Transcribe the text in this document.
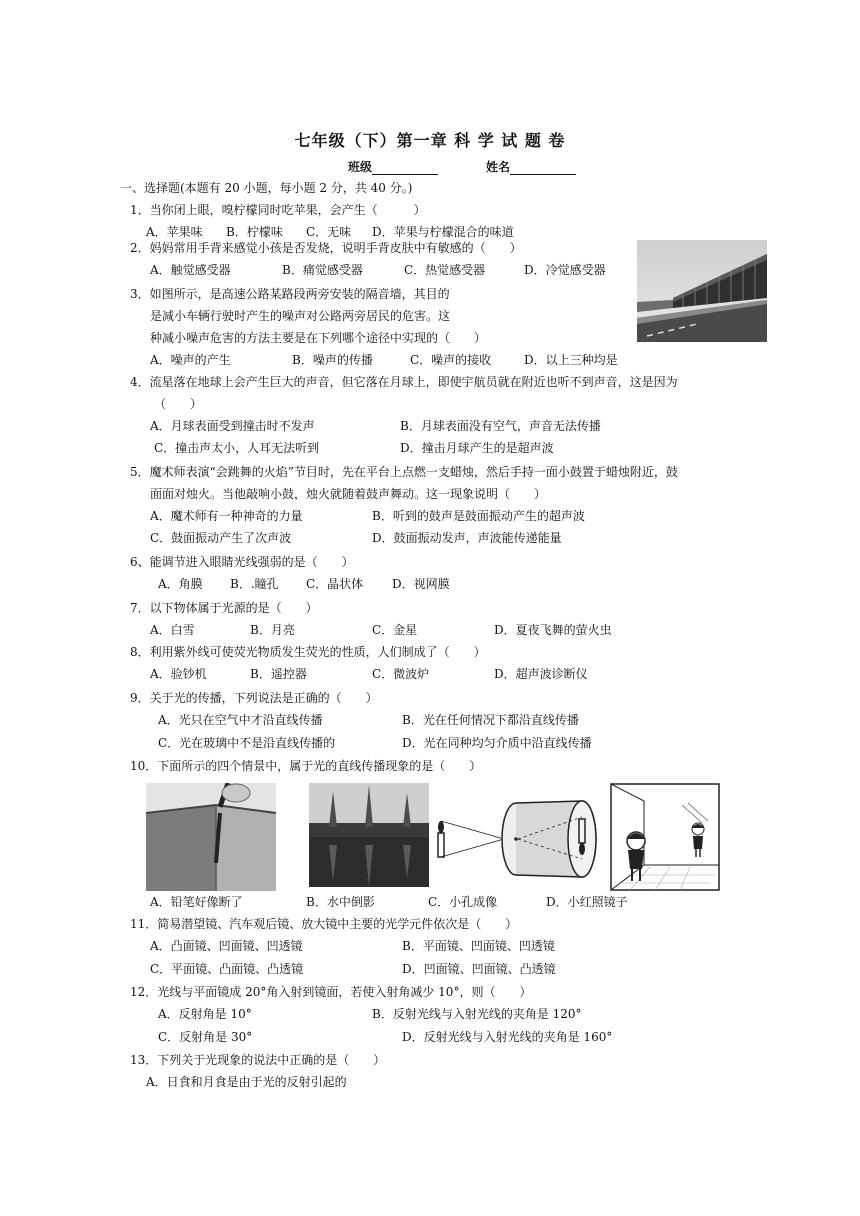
七年级（下）第一章 科 学 试 题 卷
班级	姓名
一、选择题(本题有 20 小题，每小题 2 分，共 40 分。)
1．当你闭上眼，嗅柠檬同时吃苹果，会产生（　　　）
A．苹果味 B．柠檬味 C．无味 D．苹果与柠檬混合的味道
2．妈妈常用手背来感觉小孩是否发烧，说明手背皮肤中有敏感的（　　）
A．触觉感受器	B．痛觉感受器	C．热觉感受器	D．冷觉感受器
3．如图所示，是高速公路某路段两旁安装的隔音墙，其目的
是减小车辆行驶时产生的噪声对公路两旁居民的危害。这
种减小噪声危害的方法主要是在下列哪个途径中实现的（　　）
A．噪声的产生	B．噪声的传播	C．噪声的接收	D．以上三种均是
4．流星落在地球上会产生巨大的声音，但它落在月球上，即使宇航员就在附近也听不到声音，这是因为
（　　）
A．月球表面受到撞击时不发声	B．月球表面没有空气，声音无法传播
C．撞击声太小，人耳无法听到	D．撞击月球产生的是超声波
5．魔术师表演“会跳舞的火焰”节目时，先在平台上点燃一支蜡烛，然后手持一面小鼓置于蜡烛附近，鼓
面面对烛火。当他敲响小鼓，烛火就随着鼓声舞动。这一现象说明（　　）
A．魔术师有一种神奇的力量	B．听到的鼓声是鼓面振动产生的超声波
C．鼓面振动产生了次声波	D．鼓面振动发声，声波能传递能量
6、能调节进入眼睛光线强弱的是（　　）
A．角膜 B．.瞳孔 C．晶状体 D．视网膜
7．以下物体属于光源的是（　　）
A．白雪	B．月亮	C．金星	D．夏夜飞舞的萤火虫
8．利用紫外线可使荧光物质发生荧光的性质，人们制成了（　　）
A．验钞机	B．遥控器	C．微波炉	D．超声波诊断仪
9．关于光的传播，下列说法是正确的（　　）
A．光只在空气中才沿直线传播	B．光在任何情况下都沿直线传播
C．光在玻璃中不是沿直线传播的	D．光在同种均匀介质中沿直线传播
10．下面所示的四个情景中，属于光的直线传播现象的是（　　）
A．铅笔好像断了	B．水中倒影	C．小孔成像	D．小红照镜子
11．简易潜望镜、汽车观后镜、放大镜中主要的光学元件依次是（　　）
A．凸面镜、凹面镜、凹透镜	B．平面镜、凹面镜、凹透镜
C．平面镜、凸面镜、凸透镜	D．凹面镜、凹面镜、凸透镜
12．光线与平面镜成 20°角入射到镜面，若使入射角减少 10°，则（　　）
A．反射角是 10°	B．反射光线与入射光线的夹角是 120°
C．反射角是 30°	D．反射光线与入射光线的夹角是 160°
13．下列关于光现象的说法中正确的是（　　）
A．日食和月食是由于光的反射引起的
